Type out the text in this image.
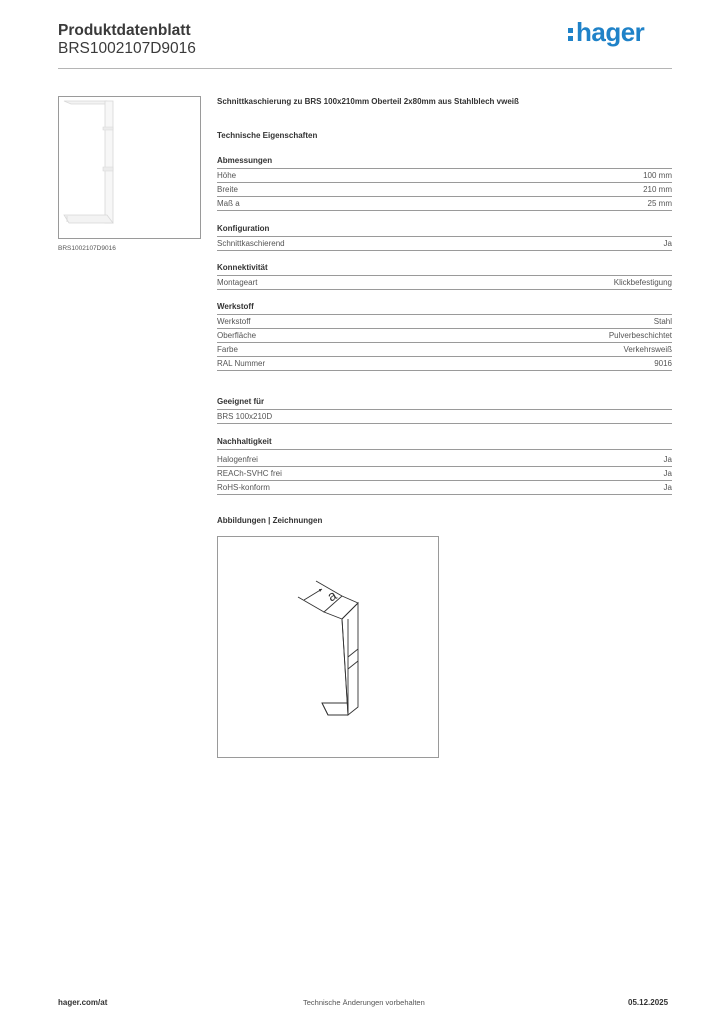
Produktdatenblatt
BRS1002107D9016
hager
BRS1002107D9016
Schnittkaschierung zu BRS 100x210mm Oberteil 2x80mm aus Stahlblech vweiß
Technische Eigenschaften
Abmessungen
Höhe	100 mm
Breite	210 mm
Maß a	25 mm
Konfiguration
Schnittkaschierend	Ja
Konnektivität
Montageart	Klickbefestigung
Werkstoff
Werkstoff	Stahl
Oberfläche	Pulverbeschichtet
Farbe	Verkehrsweiß
RAL Nummer	9016
Geeignet für
BRS 100x210D
Nachhaltigkeit
Halogenfrei	Ja
REACh-SVHC frei	Ja
RoHS-konform	Ja
Abbildungen | Zeichnungen
a
hager.com/at	Technische Änderungen vorbehalten	05.12.2025
